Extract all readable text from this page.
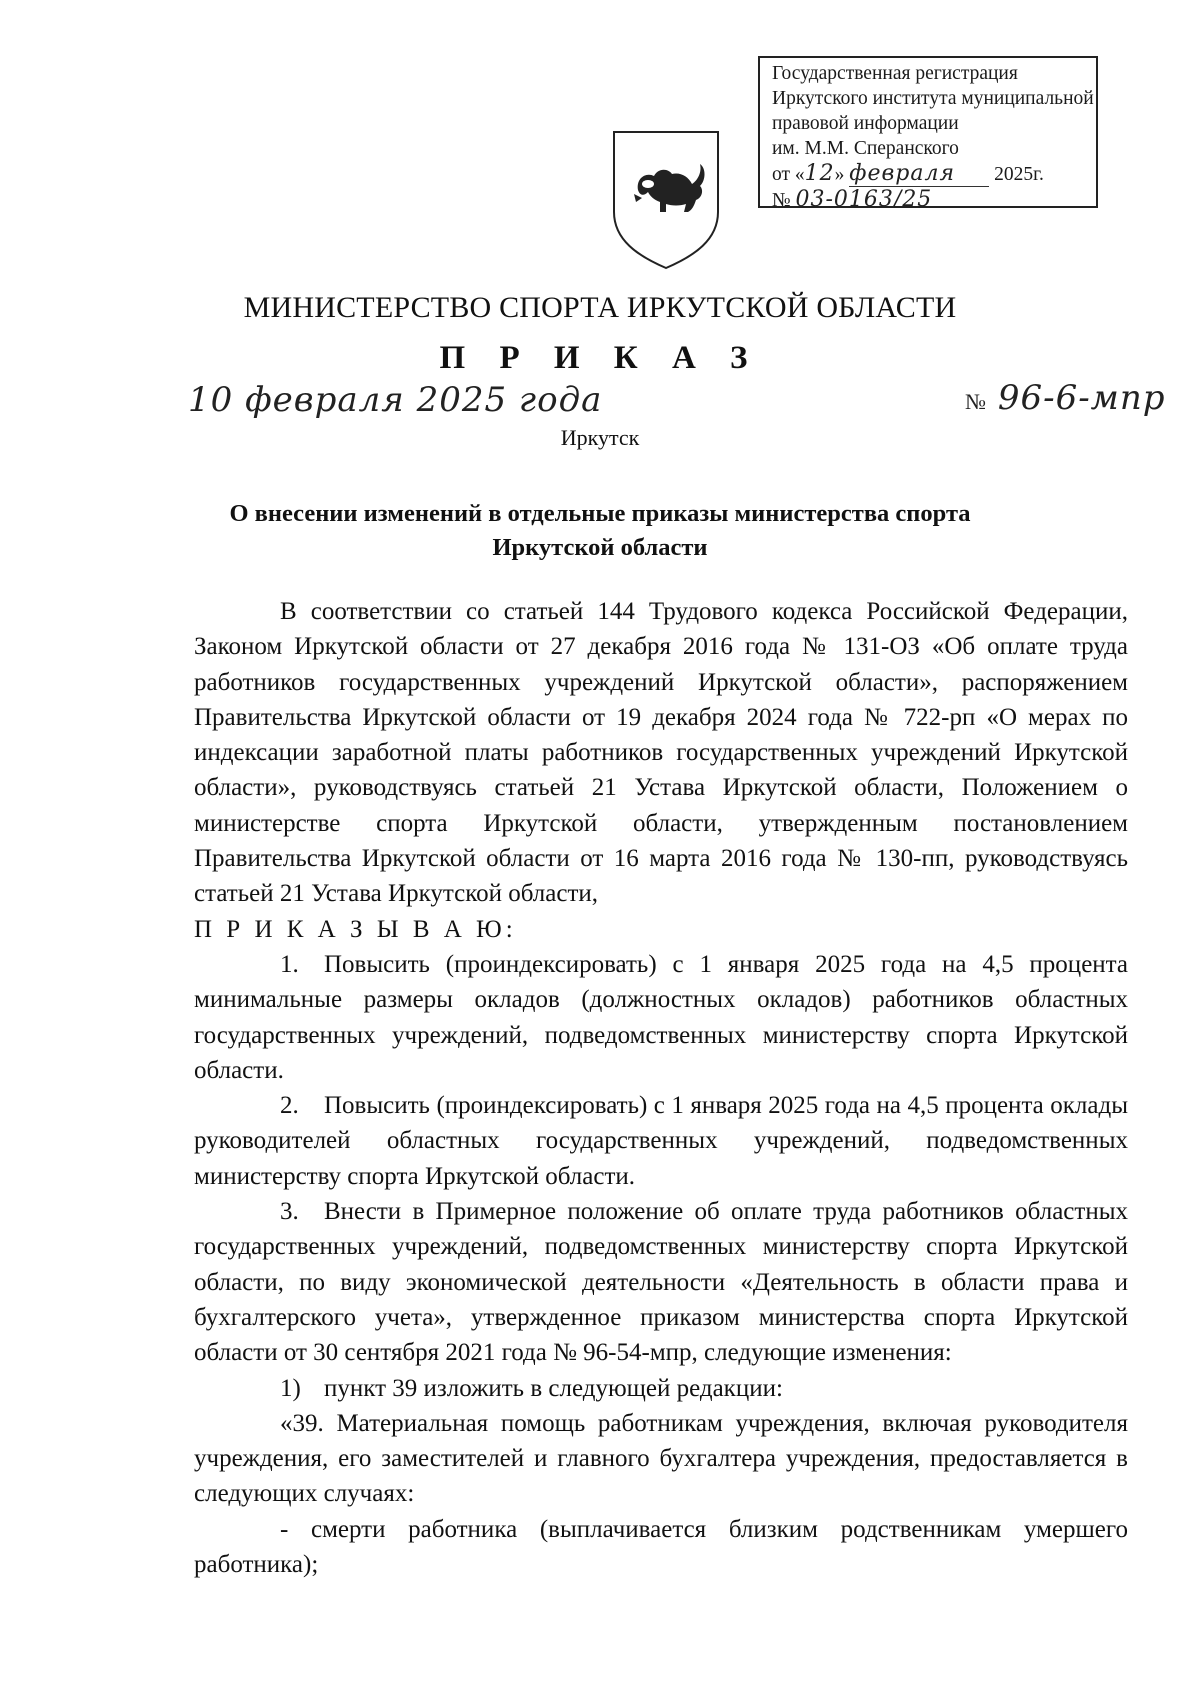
Государственная регистрация
Иркутского института муниципальной
правовой информации
им. М.М. Сперанского
от «12» февраля 2025г.
№ 03-0163/25
МИНИСТЕРСТВО СПОРТА ИРКУТСКОЙ ОБЛАСТИ
П Р И К А З
10 февраля 2025 года	№ 96-6-мпр
Иркутск
О внесении изменений в отдельные приказы министерства спорта
Иркутской области

В соответствии со статьей 144 Трудового кодекса Российской Федерации, Законом Иркутской области от 27 декабря 2016 года № 131-ОЗ «Об оплате труда работников государственных учреждений Иркутской области», распоряжением Правительства Иркутской области от 19 декабря 2024 года № 722-рп «О мерах по индексации заработной платы работников государственных учреждений Иркутской области», руководствуясь статьей 21 Устава Иркутской области, Положением о министерстве спорта Иркутской области, утвержденным постановлением Правительства Иркутской области от 16 марта 2016 года № 130-пп, руководствуясь статьей 21 Устава Иркутской области,

П Р И К А З Ы В А Ю:

1. Повысить (проиндексировать) с 1 января 2025 года на 4,5 процента минимальные размеры окладов (должностных окладов) работников областных государственных учреждений, подведомственных министерству спорта Иркутской области.

2. Повысить (проиндексировать) с 1 января 2025 года на 4,5 процента оклады руководителей областных государственных учреждений, подведомственных министерству спорта Иркутской области.

3. Внести в Примерное положение об оплате труда работников областных государственных учреждений, подведомственных министерству спорта Иркутской области, по виду экономической деятельности «Деятельность в области права и бухгалтерского учета», утвержденное приказом министерства спорта Иркутской области от 30 сентября 2021 года № 96-54-мпр, следующие изменения:

1) пункт 39 изложить в следующей редакции:

«39. Материальная помощь работникам учреждения, включая руководителя учреждения, его заместителей и главного бухгалтера учреждения, предоставляется в следующих случаях:

- смерти работника (выплачивается близким родственникам умершего работника);
